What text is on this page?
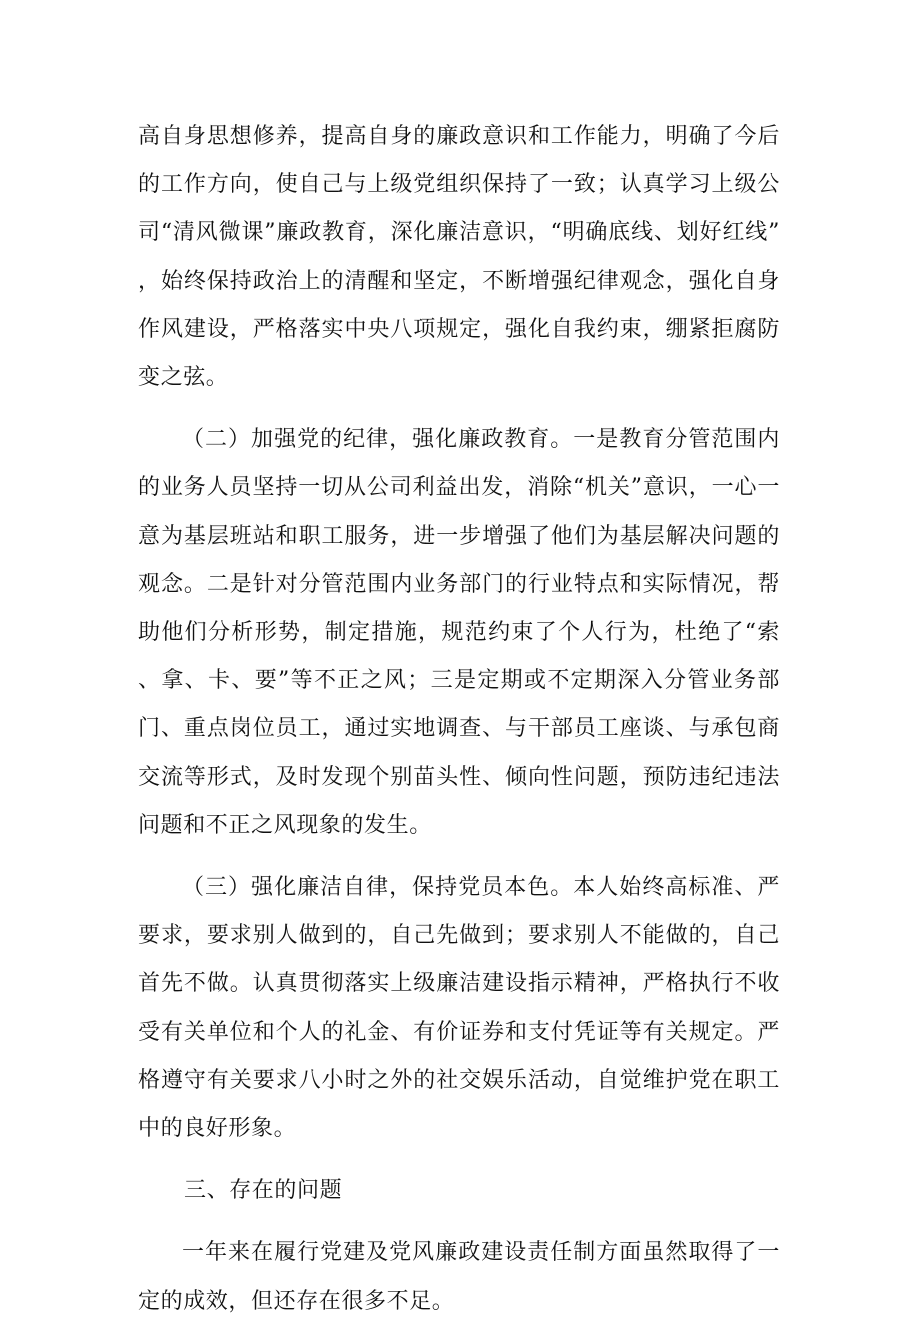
高自身思想修养，提高自身的廉政意识和工作能力，明确了今后的工作方向，使自己与上级党组织保持了一致；认真学习上级公司“清风微课”廉政教育，深化廉洁意识，“明确底线、划好红线”，始终保持政治上的清醒和坚定，不断增强纪律观念，强化自身作风建设，严格落实中央八项规定，强化自我约束，绷紧拒腐防变之弦。

（二）加强党的纪律，强化廉政教育。一是教育分管范围内的业务人员坚持一切从公司利益出发，消除“机关”意识，一心一意为基层班站和职工服务，进一步增强了他们为基层解决问题的观念。二是针对分管范围内业务部门的行业特点和实际情况，帮助他们分析形势，制定措施，规范约束了个人行为，杜绝了“索、拿、卡、要”等不正之风；三是定期或不定期深入分管业务部门、重点岗位员工，通过实地调查、与干部员工座谈、与承包商交流等形式，及时发现个别苗头性、倾向性问题，预防违纪违法问题和不正之风现象的发生。

（三）强化廉洁自律，保持党员本色。本人始终高标准、严要求，要求别人做到的，自己先做到；要求别人不能做的，自己首先不做。认真贯彻落实上级廉洁建设指示精神，严格执行不收受有关单位和个人的礼金、有价证券和支付凭证等有关规定。严格遵守有关要求八小时之外的社交娱乐活动，自觉维护党在职工中的良好形象。

三、存在的问题

一年来在履行党建及党风廉政建设责任制方面虽然取得了一定的成效，但还存在很多不足。
